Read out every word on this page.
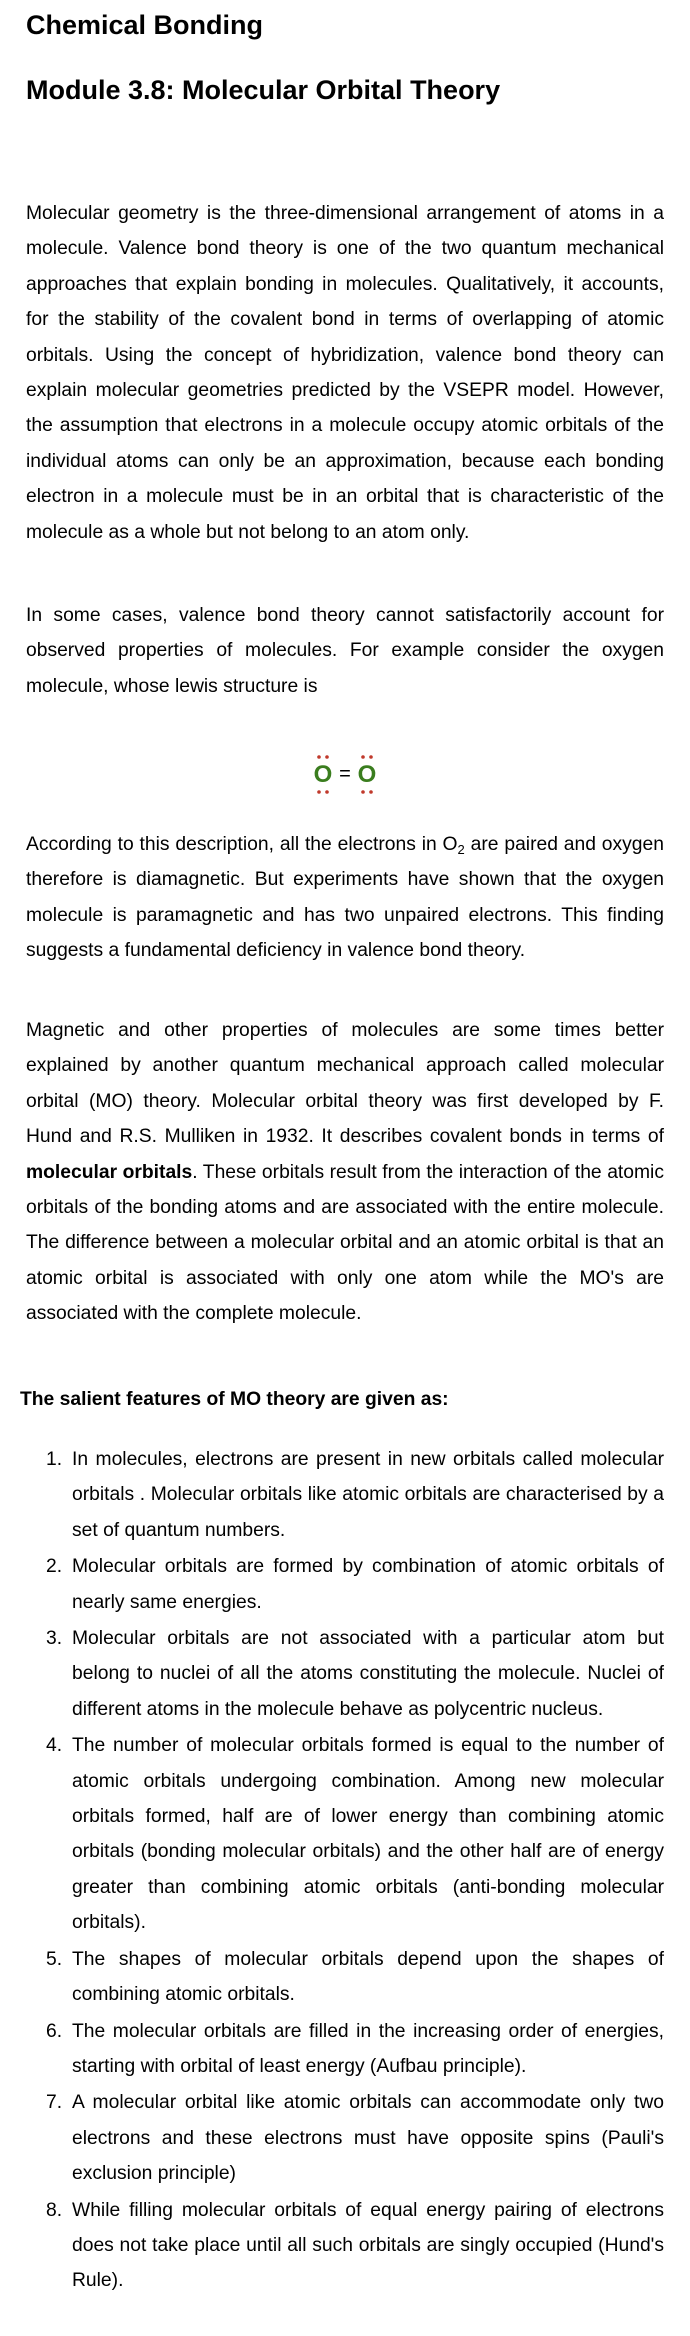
Chemical Bonding
Module 3.8: Molecular Orbital Theory

Molecular geometry is the three-dimensional arrangement of atoms in a molecule. Valence bond theory is one of the two quantum mechanical approaches that explain bonding in molecules. Qualitatively, it accounts, for the stability of the covalent bond in terms of overlapping of atomic orbitals. Using the concept of hybridization, valence bond theory can explain molecular geometries predicted by the VSEPR model. However, the assumption that electrons in a molecule occupy atomic orbitals of the individual atoms can only be an approximation, because each bonding electron in a molecule must be in an orbital that is characteristic of the molecule as a whole but not belong to an atom only.

In some cases, valence bond theory cannot satisfactorily account for observed properties of molecules. For example consider the oxygen molecule, whose lewis structure is

O = O

According to this description, all the electrons in $O_2$ are paired and oxygen therefore is diamagnetic. But experiments have shown that the oxygen molecule is paramagnetic and has two unpaired electrons. This finding suggests a fundamental deficiency in valence bond theory.

Magnetic and other properties of molecules are some times better explained by another quantum mechanical approach called molecular orbital (MO) theory. Molecular orbital theory was first developed by F. Hund and R.S. Mulliken in 1932. It describes covalent bonds in terms of molecular orbitals. These orbitals result from the interaction of the atomic orbitals of the bonding atoms and are associated with the entire molecule. The difference between a molecular orbital and an atomic orbital is that an atomic orbital is associated with only one atom while the MO's are associated with the complete molecule.

The salient features of MO theory are given as:

1. In molecules, electrons are present in new orbitals called molecular orbitals . Molecular orbitals like atomic orbitals are characterised by a set of quantum numbers.
2. Molecular orbitals are formed by combination of atomic orbitals of nearly same energies.
3. Molecular orbitals are not associated with a particular atom but belong to nuclei of all the atoms constituting the molecule. Nuclei of different atoms in the molecule behave as polycentric nucleus.
4. The number of molecular orbitals formed is equal to the number of atomic orbitals undergoing combination. Among new molecular orbitals formed, half are of lower energy than combining atomic orbitals (bonding molecular orbitals) and the other half are of energy greater than combining atomic orbitals (anti-bonding molecular orbitals).
5. The shapes of molecular orbitals depend upon the shapes of combining atomic orbitals.
6. The molecular orbitals are filled in the increasing order of energies, starting with orbital of least energy (Aufbau principle).
7. A molecular orbital like atomic orbitals can accommodate only two electrons and these electrons must have opposite spins (Pauli's exclusion principle)
8. While filling molecular orbitals of equal energy pairing of electrons does not take place until all such orbitals are singly occupied (Hund's Rule).
